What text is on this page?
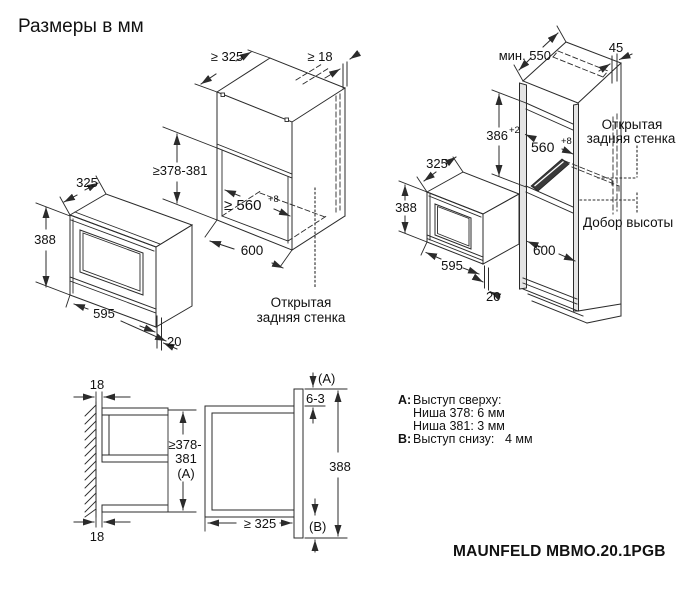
Размеры в мм
325
388
595
20
≥ 325	≥ 18
≥378-381
≥ 560 +8
600
Открытая
задняя стенка
мин. 550
45
386 +2
560 +8
600
Открытая
задняя стенка
Добор высоты
325
388
595
20
18
18
≥378-
381
(A)
(A)
6-3
388
(B)
≥ 325
A: Выступ сверху:
Ниша 378: 6 мм
Ниша 381: 3 мм
B: Выступ снизу: 4 мм
MAUNFELD MBMO.20.1PGB
